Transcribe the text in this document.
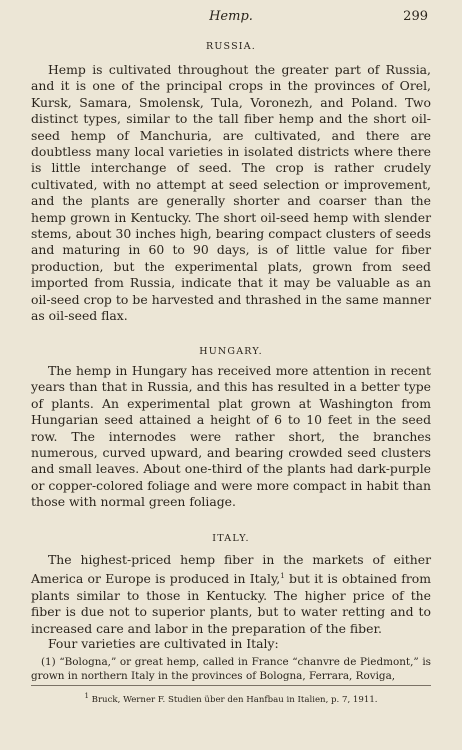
Hemp.	299
RUSSIA.

Hemp is cultivated throughout the greater part of Russia, and it is one of the principal crops in the provinces of Orel, Kursk, Samara, Smolensk, Tula, Voronezh, and Poland. Two distinct types, similar to the tall fiber hemp and the short oil-seed hemp of Manchuria, are cultivated, and there are doubtless many local varieties in isolated districts where there is little interchange of seed. The crop is rather crudely cultivated, with no attempt at seed selection or improvement, and the plants are generally shorter and coarser than the hemp grown in Kentucky. The short oil-seed hemp with slender stems, about 30 inches high, bearing compact clusters of seeds and maturing in 60 to 90 days, is of little value for fiber production, but the experimental plats, grown from seed imported from Russia, indicate that it may be valuable as an oil-seed crop to be harvested and thrashed in the same manner as oil-seed flax.

HUNGARY.

The hemp in Hungary has received more attention in recent years than that in Russia, and this has resulted in a better type of plants. An experimental plat grown at Washington from Hungarian seed attained a height of 6 to 10 feet in the seed row. The internodes were rather short, the branches numerous, curved upward, and bearing crowded seed clusters and small leaves. About one-third of the plants had dark-purple or copper-colored foliage and were more compact in habit than those with normal green foliage.

ITALY.

The highest-priced hemp fiber in the markets of either America or Europe is produced in Italy,$^1$ but it is obtained from plants similar to those in Kentucky. The higher price of the fiber is due not to superior plants, but to water retting and to increased care and labor in the preparation of the fiber.

Four varieties are cultivated in Italy:

(1) “Bologna,” or great hemp, called in France “chanvre de Piedmont,” is grown in northern Italy in the provinces of Bologna, Ferrara, Roviga,

$^1$ Bruck, Werner F. Studien über den Hanfbau in Italien, p. 7, 1911.
